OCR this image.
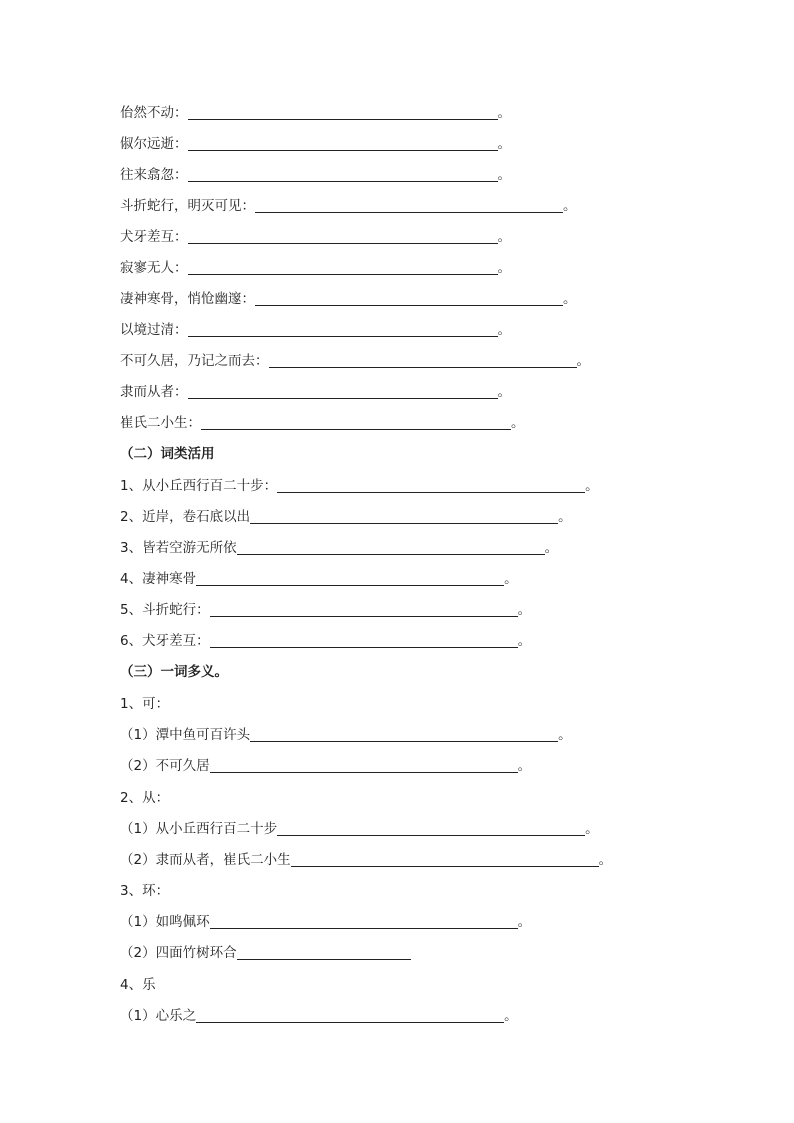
佁然不动：	。
俶尔远逝：	。
往来翕忽：	。
斗折蛇行，明灭可见：	。
犬牙差互：	。
寂寥无人：	。
凄神寒骨，悄怆幽邃：	。
以境过清：	。
不可久居，乃记之而去：	。
隶而从者：	。
崔氏二小生：	。
（二）词类活用
1、从小丘西行百二十步：	。
2、近岸，卷石底以出	。
3、皆若空游无所依	。
4、凄神寒骨	。
5、斗折蛇行：	。
6、犬牙差互：	。
（三）一词多义。
1、可：
（1）潭中鱼可百许头	。
（2）不可久居	。
2、从：
（1）从小丘西行百二十步	。
（2）隶而从者，崔氏二小生	。
3、环：
（1）如鸣佩环	。
（2）四面竹树环合
4、乐
（1）心乐之	。
